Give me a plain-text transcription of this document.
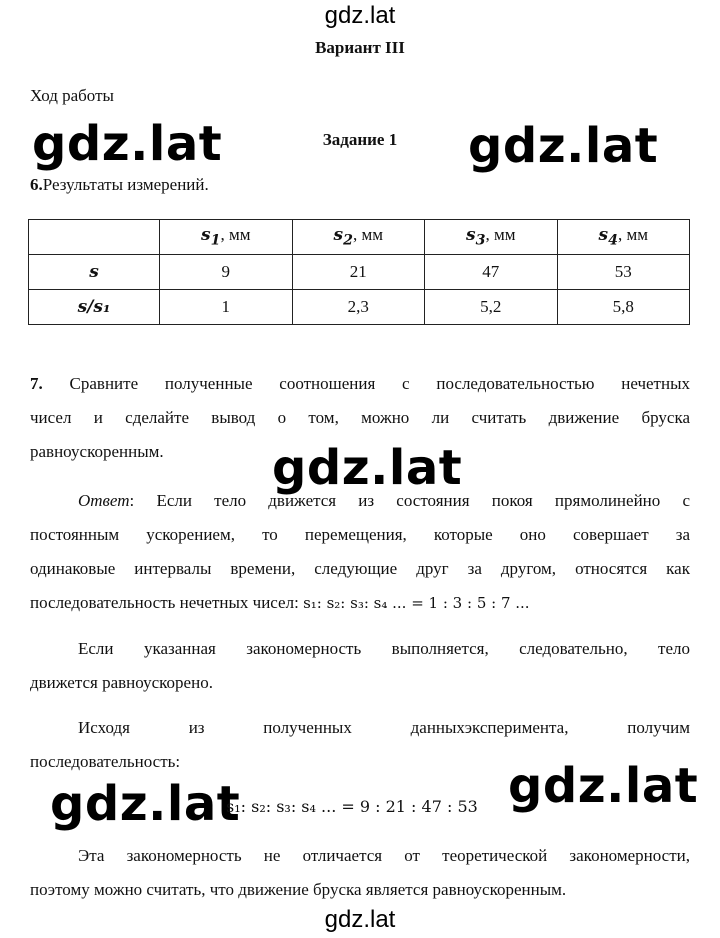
gdz.lat
Вариант III
Ход работы
gdz.lat	Задание 1	gdz.lat
6.Результаты измерений.
	$s_1$, мм	$s_2$, мм	$s_3$, мм	$s_4$, мм
s	9	21	47	53
s/s₁	1	2,3	5,2	5,8
7. Сравните полученные соотношения с последовательностью нечетных
чисел и сделайте вывод о том, можно ли считать движение бруска
равноускоренным.	gdz.lat
Ответ: Если тело движется из состояния покоя прямолинейно с
постоянным ускорением, то перемещения, которые оно совершает за
одинаковые интервалы времени, следующие друг за другом, относятся как
последовательность нечетных чисел: s₁: s₂: s₃: s₄ ... = 1 : 3 : 5 : 7 ...
Если указанная закономерность выполняется, следовательно, тело
движется равноускорено.
Исходя из полученных данныхэксперимента, получим
последовательность:
gdz.lat
s₁: s₂: s₃: s₄ ... = 9 : 21 : 47 : 53 gdz.lat
Эта закономерность не отличается от теоретической закономерности,
поэтому можно считать, что движение бруска является равноускоренным.
gdz.lat
